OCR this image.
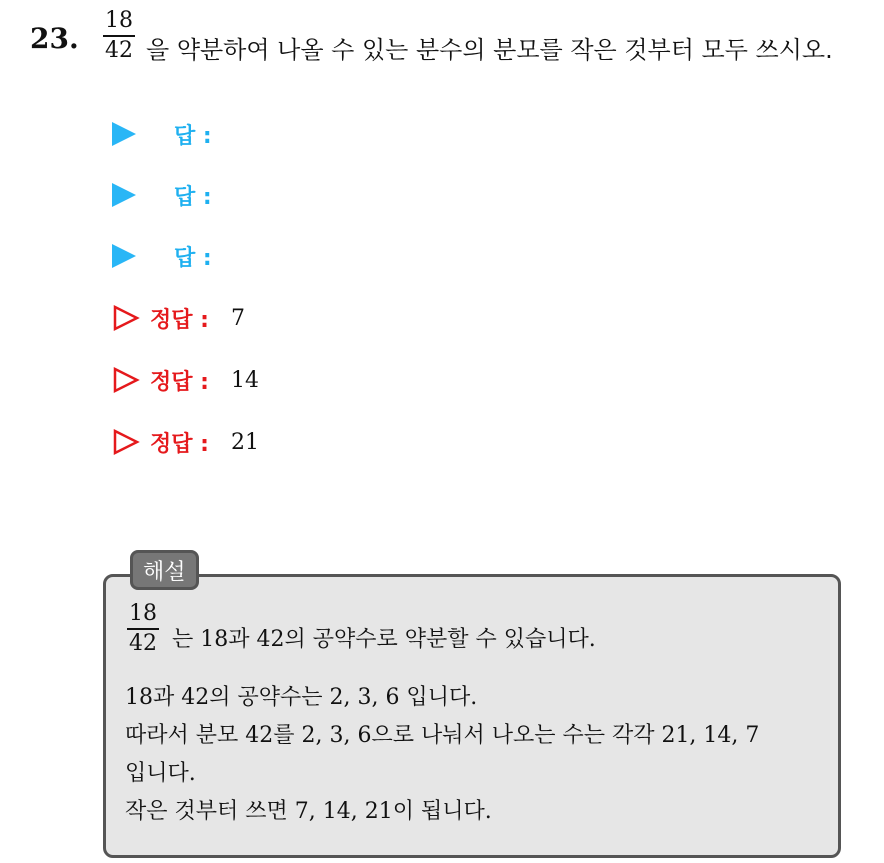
23.
18
42 을 약분하여 나올 수 있는 분수의 분모를 작은 것부터 모두 쓰시오.
답 :
답 :
답 :
정답 : 7
정답 : 14
정답 : 21
해설
18
42 는 18과 42의 공약수로 약분할 수 있습니다.
18과 42의 공약수는 2, 3, 6 입니다.
따라서 분모 42를 2, 3, 6으로 나눠서 나오는 수는 각각 21, 14, 7
입니다.
작은 것부터 쓰면 7, 14, 21이 됩니다.
